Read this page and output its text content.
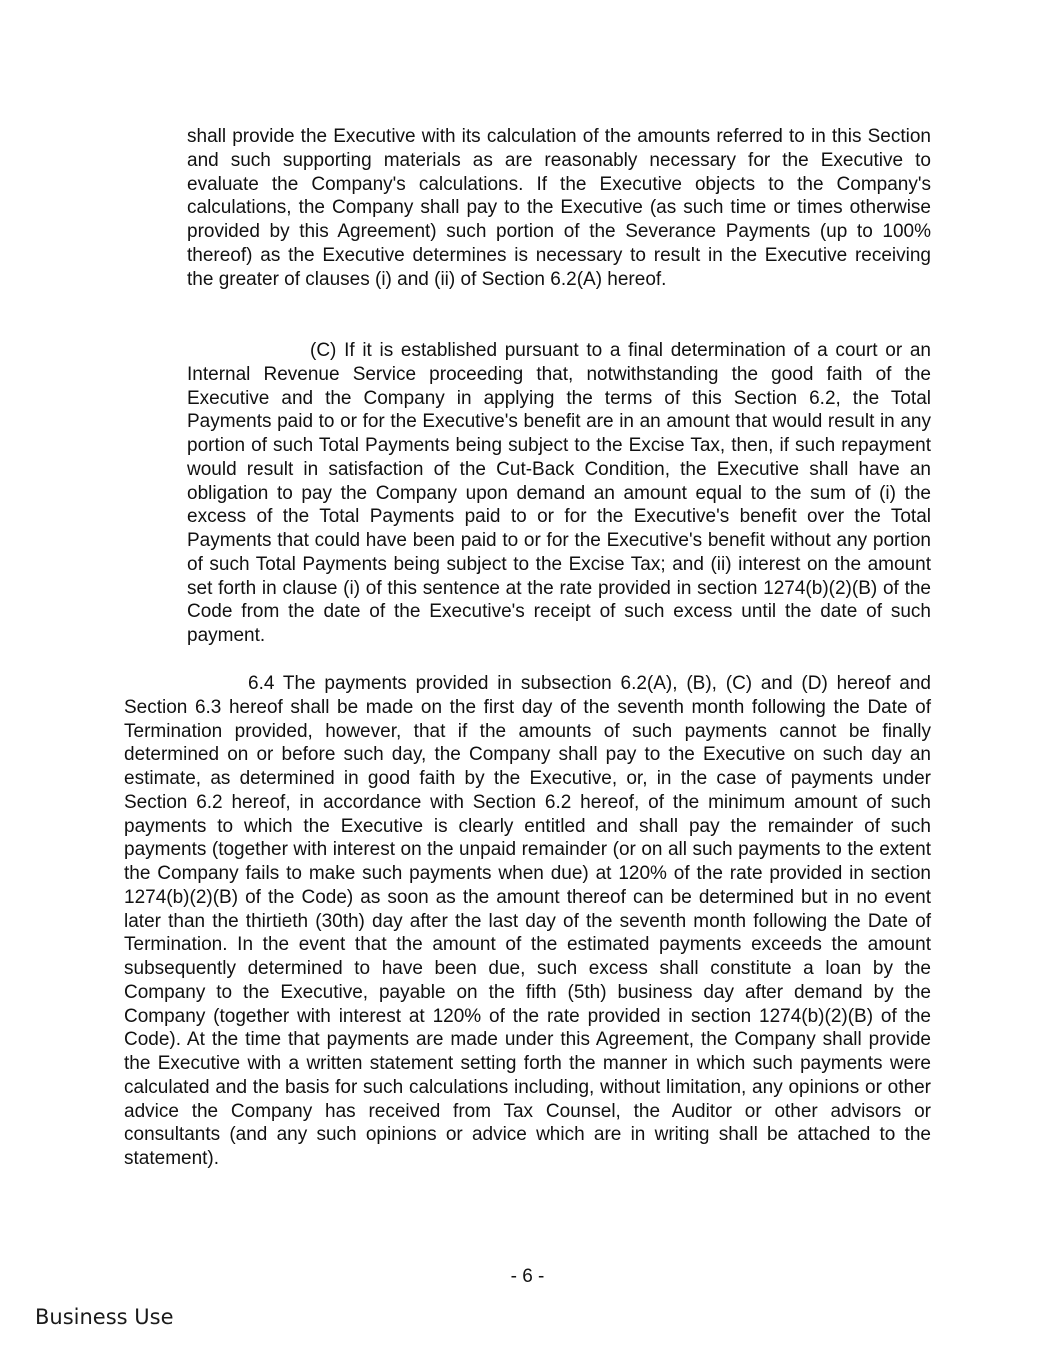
shall provide the Executive with its calculation of the amounts referred to in this Section and such supporting materials as are reasonably necessary for the Executive to evaluate the Company's calculations. If the Executive objects to the Company's calculations, the Company shall pay to the Executive (as such time or times otherwise provided by this Agreement) such portion of the Severance Payments (up to 100% thereof) as the Executive determines is necessary to result in the Executive receiving the greater of clauses (i) and (ii) of Section 6.2(A) hereof.

(C) If it is established pursuant to a final determination of a court or an Internal Revenue Service proceeding that, notwithstanding the good faith of the Executive and the Company in applying the terms of this Section 6.2, the Total Payments paid to or for the Executive's benefit are in an amount that would result in any portion of such Total Payments being subject to the Excise Tax, then, if such repayment would result in satisfaction of the Cut-Back Condition, the Executive shall have an obligation to pay the Company upon demand an amount equal to the sum of (i) the excess of the Total Payments paid to or for the Executive's benefit over the Total Payments that could have been paid to or for the Executive's benefit without any portion of such Total Payments being subject to the Excise Tax; and (ii) interest on the amount set forth in clause (i) of this sentence at the rate provided in section 1274(b)(2)(B) of the Code from the date of the Executive's receipt of such excess until the date of such payment.

6.4 The payments provided in subsection 6.2(A), (B), (C) and (D) hereof and Section 6.3 hereof shall be made on the first day of the seventh month following the Date of Termination provided, however, that if the amounts of such payments cannot be finally determined on or before such day, the Company shall pay to the Executive on such day an estimate, as determined in good faith by the Executive, or, in the case of payments under Section 6.2 hereof, in accordance with Section 6.2 hereof, of the minimum amount of such payments to which the Executive is clearly entitled and shall pay the remainder of such payments (together with interest on the unpaid remainder (or on all such payments to the extent the Company fails to make such payments when due) at 120% of the rate provided in section 1274(b)(2)(B) of the Code) as soon as the amount thereof can be determined but in no event later than the thirtieth (30th) day after the last day of the seventh month following the Date of Termination. In the event that the amount of the estimated payments exceeds the amount subsequently determined to have been due, such excess shall constitute a loan by the Company to the Executive, payable on the fifth (5th) business day after demand by the Company (together with interest at 120% of the rate provided in section 1274(b)(2)(B) of the Code). At the time that payments are made under this Agreement, the Company shall provide the Executive with a written statement setting forth the manner in which such payments were calculated and the basis for such calculations including, without limitation, any opinions or other advice the Company has received from Tax Counsel, the Auditor or other advisors or consultants (and any such opinions or advice which are in writing shall be attached to the statement).

- 6 -
Business Use
